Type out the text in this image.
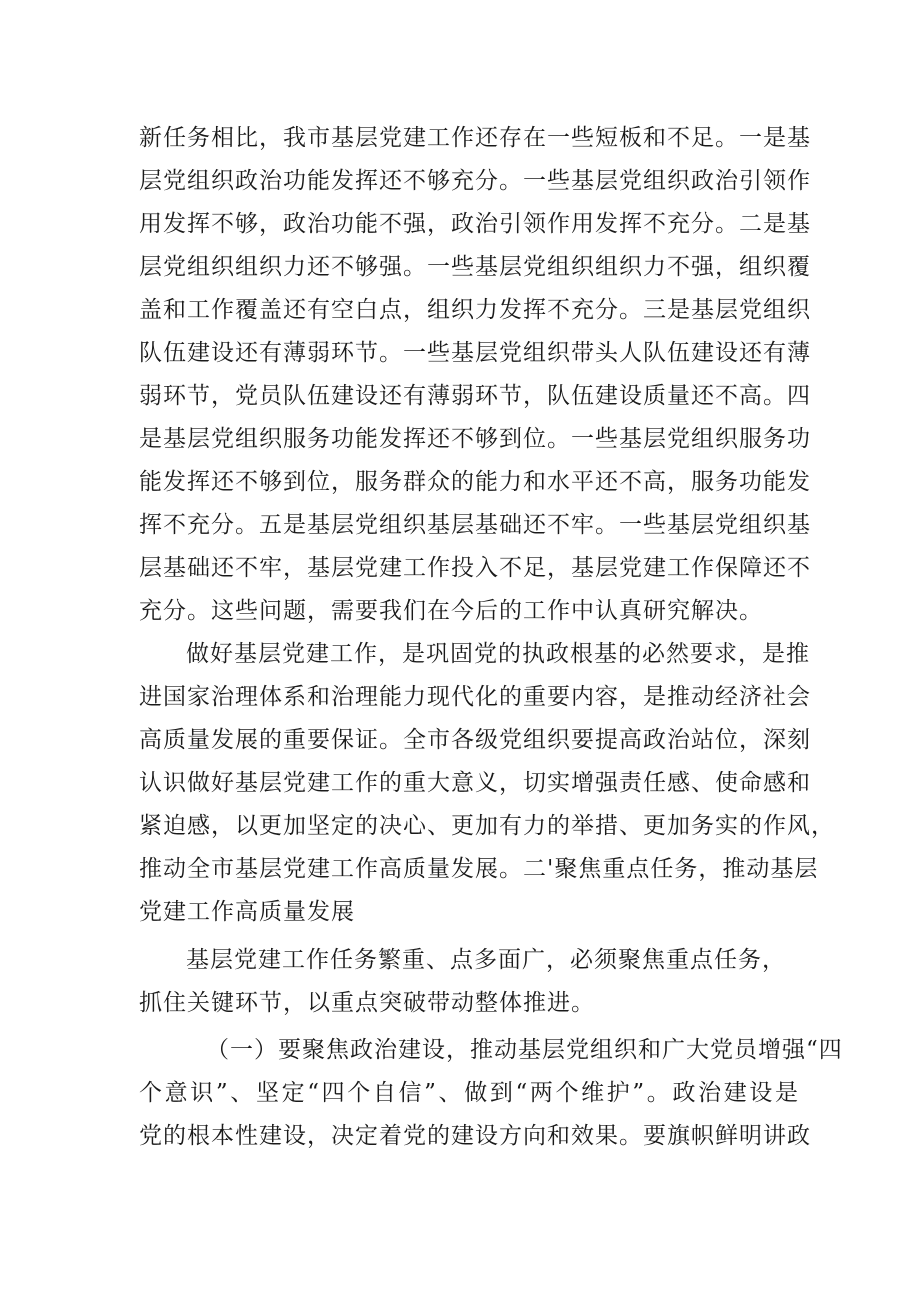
新任务相比，我市基层党建工作还存在一些短板和不足。一是基
层党组织政治功能发挥还不够充分。一些基层党组织政治引领作
用发挥不够，政治功能不强，政治引领作用发挥不充分。二是基
层党组织组织力还不够强。一些基层党组织组织力不强，组织覆
盖和工作覆盖还有空白点，组织力发挥不充分。三是基层党组织
队伍建设还有薄弱环节。一些基层党组织带头人队伍建设还有薄
弱环节，党员队伍建设还有薄弱环节，队伍建设质量还不高。四
是基层党组织服务功能发挥还不够到位。一些基层党组织服务功
能发挥还不够到位，服务群众的能力和水平还不高，服务功能发
挥不充分。五是基层党组织基层基础还不牢。一些基层党组织基
层基础还不牢，基层党建工作投入不足，基层党建工作保障还不
充分。这些问题，需要我们在今后的工作中认真研究解决。
做好基层党建工作，是巩固党的执政根基的必然要求，是推
进国家治理体系和治理能力现代化的重要内容，是推动经济社会
高质量发展的重要保证。全市各级党组织要提高政治站位，深刻
认识做好基层党建工作的重大意义，切实增强责任感、使命感和
紧迫感，以更加坚定的决心、更加有力的举措、更加务实的作风，
推动全市基层党建工作高质量发展。二'聚焦重点任务，推动基层
党建工作高质量发展
基层党建工作任务繁重、点多面广，必须聚焦重点任务，
抓住关键环节，以重点突破带动整体推进。
（一）要聚焦政治建设，推动基层党组织和广大党员增强“四
个意识”、坚定“四个自信”、做到“两个维护”。政治建设是
党的根本性建设，决定着党的建设方向和效果。要旗帜鲜明讲政
